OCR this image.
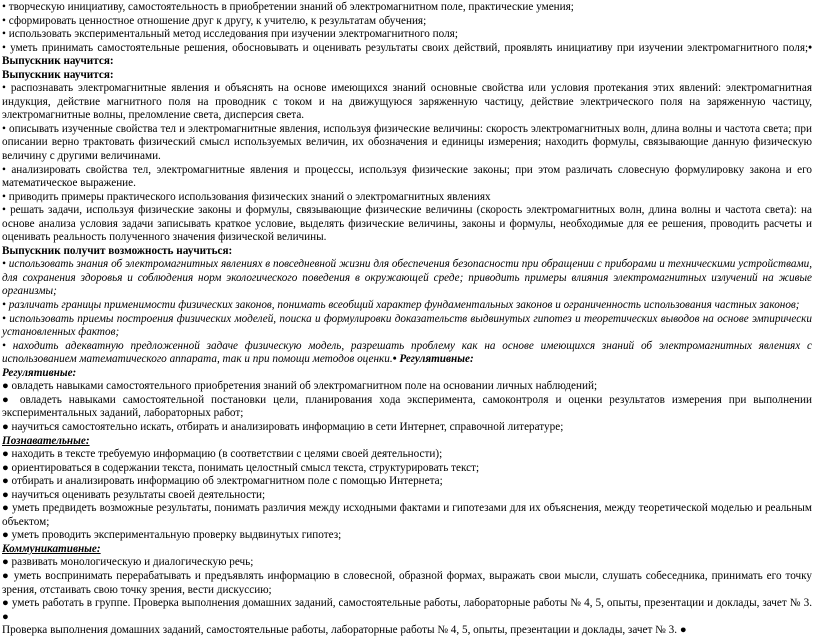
• творческую инициативу, самостоятельность в приобретении знаний об электромагнитном поле, практические умения;

• сформировать ценностное отношение друг к другу, к учителю, к результатам обучения;

• использовать экспериментальный метод исследования при изучении электромагнитного поля;

• уметь принимать самостоятельные решения, обосновывать и оценивать результаты своих действий, проявлять инициативу при изучении электромагнитного поля;• Выпускник научится:

Выпускник научится:

• распознавать электромагнитные явления и объяснять на основе имеющихся знаний основные свойства или условия протекания этих явлений: электромагнитная индукция, действие магнитного поля на проводник с током и на движущуюся заряженную частицу, действие электрического поля на заряженную частицу, электромагнитные волны, преломление света, дисперсия света.

• описывать изученные свойства тел и электромагнитные явления, используя физические величины: скорость электромагнитных волн, длина волны и частота света; при описании верно трактовать физический смысл используемых величин, их обозначения и единицы измерения; находить формулы, связывающие данную физическую величину с другими величинами.

• анализировать свойства тел, электромагнитные явления и процессы, используя физические законы; при этом различать словесную формулировку закона и его математическое выражение.

• приводить примеры практического использования физических знаний о электромагнитных явлениях

• решать задачи, используя физические законы и формулы, связывающие физические величины (скорость электромагнитных волн, длина волны и частота света): на основе анализа условия задачи записывать краткое условие, выделять физические величины, законы и формулы, необходимые для ее решения, проводить расчеты и оценивать реальность полученного значения физической величины.

Выпускник получит возможность научиться:

• использовать знания об электромагнитных явлениях в повседневной жизни для обеспечения безопасности при обращении с приборами и техническими устройствами, для сохранения здоровья и соблюдения норм экологического поведения в окружающей среде; приводить примеры влияния электромагнитных излучений на живые организмы;

• различать границы применимости физических законов, понимать всеобщий характер фундаментальных законов и ограниченность использования частных законов;

• использовать приемы построения физических моделей, поиска и формулировки доказательств выдвинутых гипотез и теоретических выводов на основе эмпирически установленных фактов;

• находить адекватную предложенной задаче физическую модель, разрешать проблему как на основе имеющихся знаний об электромагнитных явлениях с использованием математического аппарата, так и при помощи методов оценки.• Регулятивные:

Регулятивные:

● овладеть навыками самостоятельного приобретения знаний об электромагнитном поле на основании личных наблюдений;

● овладеть навыками самостоятельной постановки цели, планирования хода эксперимента, самоконтроля и оценки результатов измерения при выполнении экспериментальных заданий, лабораторных работ;

● научиться самостоятельно искать, отбирать и анализировать информацию в сети Интернет, справочной литературе;

Познавательные:

● находить в тексте требуемую информацию (в соответствии с целями своей деятельности);

● ориентироваться в содержании текста, понимать целостный смысл текста, структурировать текст;

● отбирать и анализировать информацию об электромагнитном поле с помощью Интернета;

● научиться оценивать результаты своей деятельности;

● уметь предвидеть возможные результаты, понимать различия между исходными фактами и гипотезами для их объяснения, между теоретической моделью и реальным объектом;

● уметь проводить экспериментальную проверку выдвинутых гипотез;

Коммуникативные:

● развивать монологическую и диалогическую речь;

● уметь воспринимать перерабатывать и предъявлять информацию в словесной, образной формах, выражать свои мысли, слушать собеседника, принимать его точку зрения, отстаивать свою точку зрения, вести дискуссию;

● уметь работать в группе. Проверка выполнения домашних заданий, самостоятельные работы, лабораторные работы № 4, 5, опыты, презентации и доклады, зачет № 3. ●

Проверка выполнения домашних заданий, самостоятельные работы, лабораторные работы № 4, 5, опыты, презентации и доклады, зачет № 3. ●
